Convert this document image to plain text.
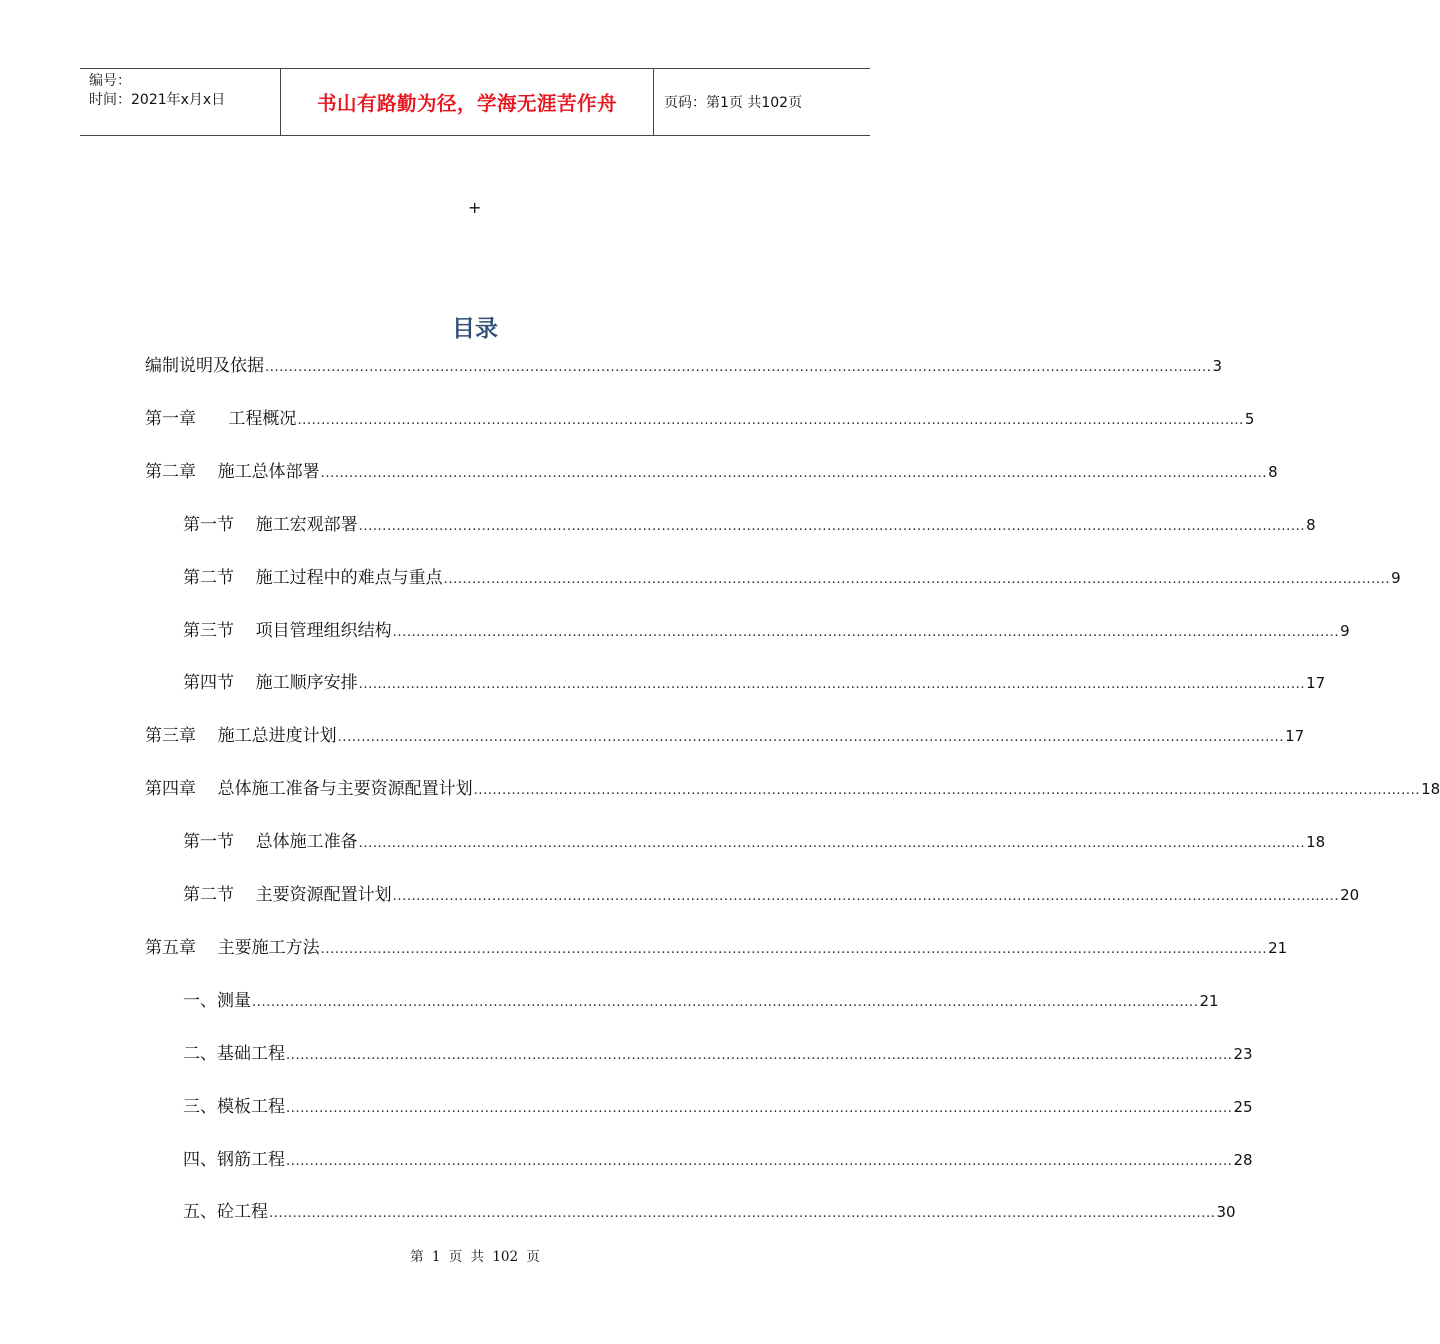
编号：
时间：2021年x月x日	书山有路勤为径，学海无涯苦作舟	页码：第1页 共102页
+
目录
编制说明及依据 ........................................................................................................................................................................................................ 3
第一章      工程概况 ........................................................................................................................................................................................................ 5
第二章    施工总体部署 ........................................................................................................................................................................................................ 8
第一节    施工宏观部署 ........................................................................................................................................................................................................ 8
第二节    施工过程中的难点与重点 ........................................................................................................................................................................................................ 9
第三节    项目管理组织结构 ........................................................................................................................................................................................................ 9
第四节    施工顺序安排 ........................................................................................................................................................................................................ 17
第三章    施工总进度计划 ........................................................................................................................................................................................................ 17
第四章    总体施工准备与主要资源配置计划 ........................................................................................................................................................................................................ 18
第一节    总体施工准备 ........................................................................................................................................................................................................ 18
第二节    主要资源配置计划 ........................................................................................................................................................................................................ 20
第五章    主要施工方法 ........................................................................................................................................................................................................ 21
一、测量 ........................................................................................................................................................................................................ 21
二、基础工程 ........................................................................................................................................................................................................ 23
三、模板工程 ........................................................................................................................................................................................................ 25
四、钢筋工程 ........................................................................................................................................................................................................ 28
五、砼工程 ........................................................................................................................................................................................................ 30
第 1 页 共 102 页
